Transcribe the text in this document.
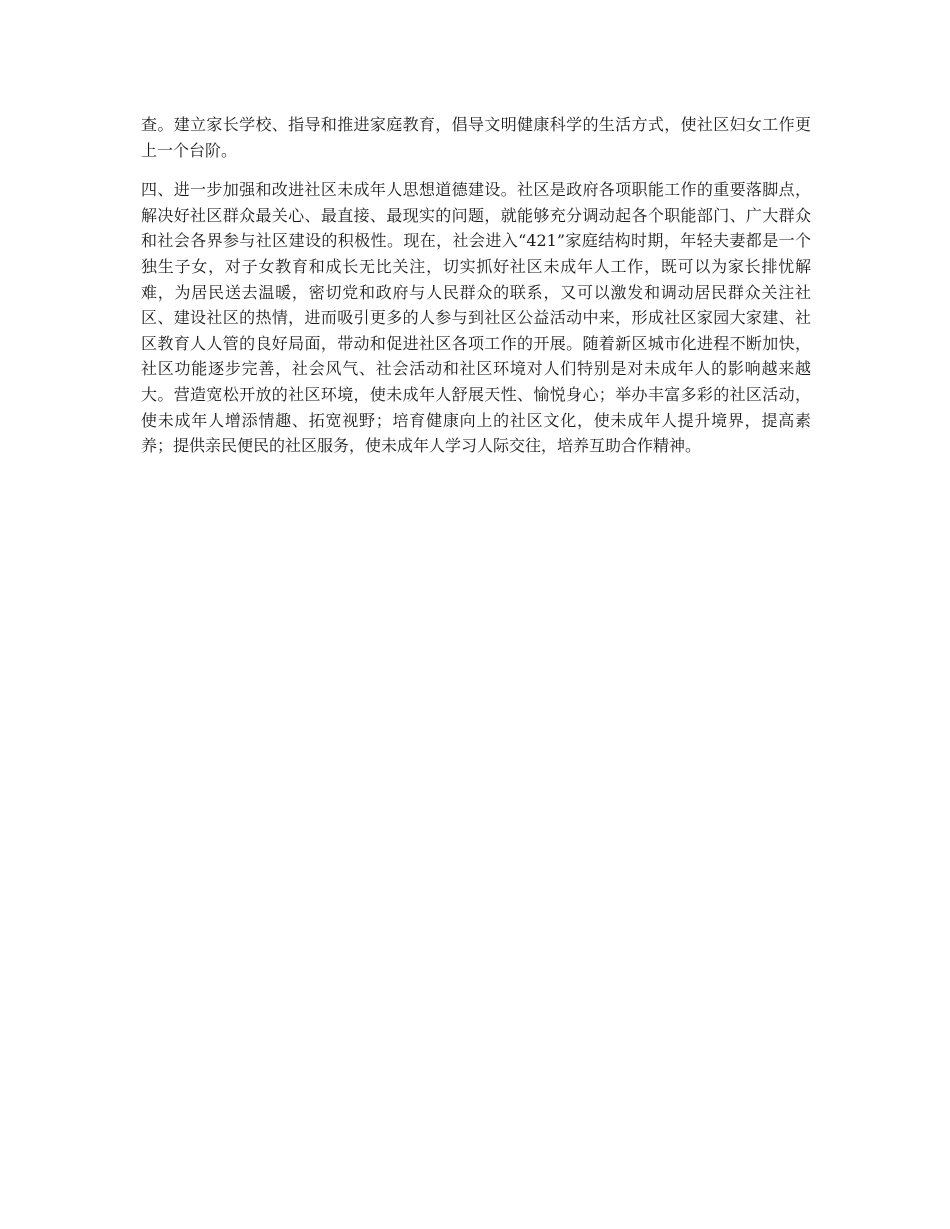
查。建立家长学校、指导和推进家庭教育，倡导文明健康科学的生活方式，使社区妇女工作更上一个台阶。

四、进一步加强和改进社区未成年人思想道德建设。社区是政府各项职能工作的重要落脚点，解决好社区群众最关心、最直接、最现实的问题，就能够充分调动起各个职能部门、广大群众和社会各界参与社区建设的积极性。现在，社会进入“421”家庭结构时期，年轻夫妻都是一个独生子女，对子女教育和成长无比关注，切实抓好社区未成年人工作，既可以为家长排忧解难，为居民送去温暖，密切党和政府与人民群众的联系，又可以激发和调动居民群众关注社区、建设社区的热情，进而吸引更多的人参与到社区公益活动中来，形成社区家园大家建、社区教育人人管的良好局面，带动和促进社区各项工作的开展。随着新区城市化进程不断加快，社区功能逐步完善，社会风气、社会活动和社区环境对人们特别是对未成年人的影响越来越大。营造宽松开放的社区环境，使未成年人舒展天性、愉悦身心；举办丰富多彩的社区活动，使未成年人增添情趣、拓宽视野；培育健康向上的社区文化，使未成年人提升境界，提高素养；提供亲民便民的社区服务，使未成年人学习人际交往，培养互助合作精神。
